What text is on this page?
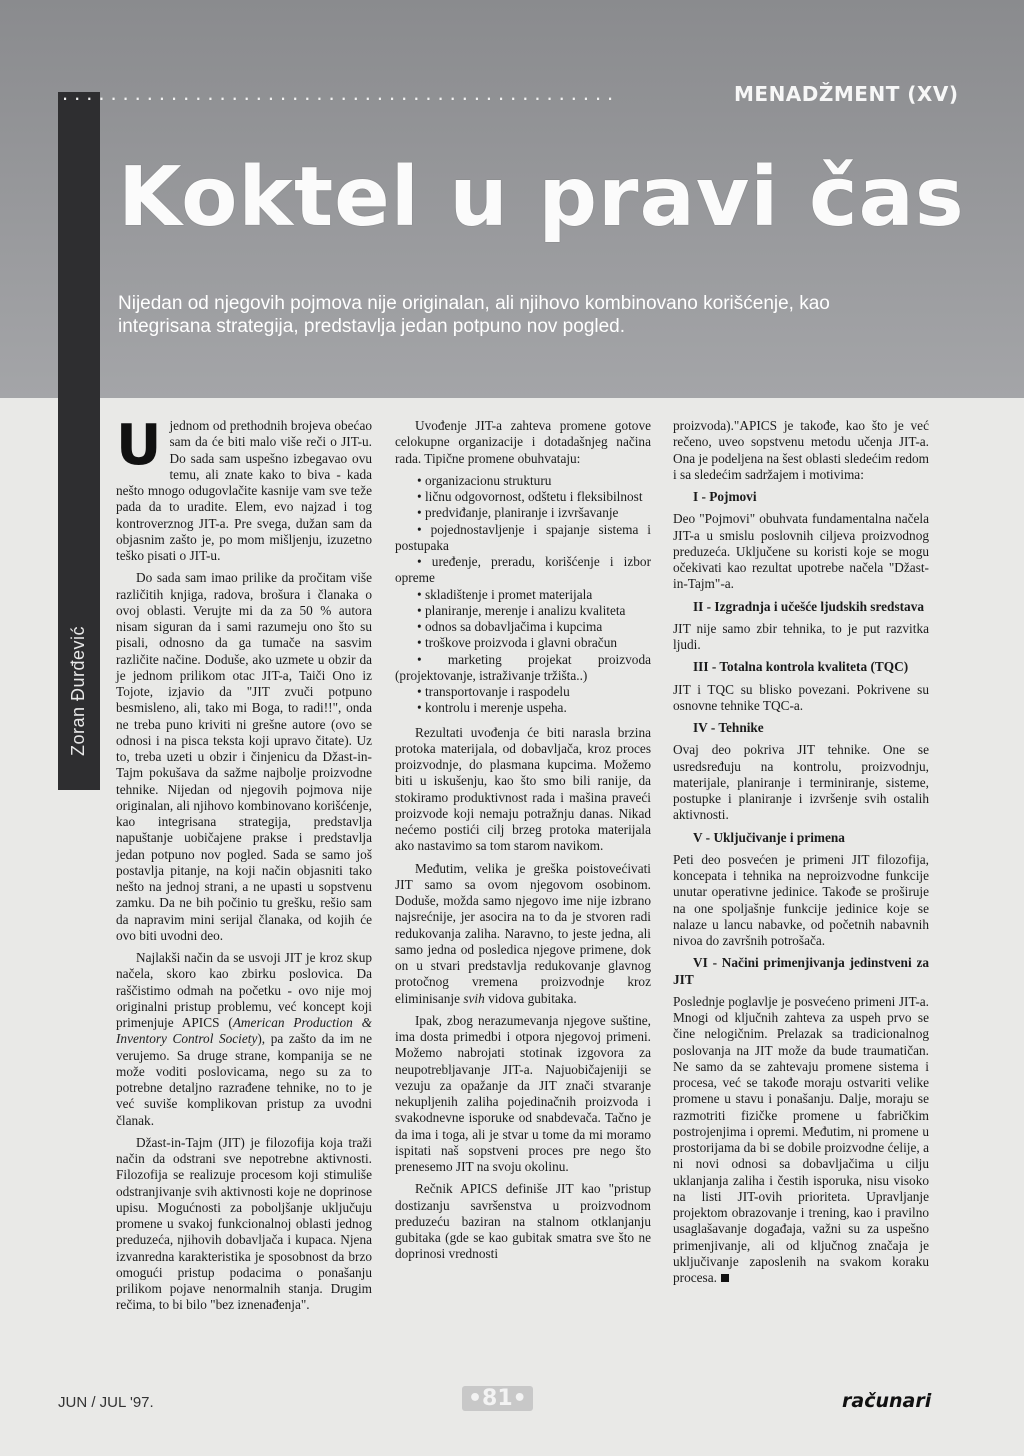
Zoran Đurđević
..............................................	MENADŽMENT (XV)
Koktel u pravi čas
Nijedan od njegovih pojmova nije originalan, ali njihovo kombinovano korišćenje, kao integrisana strategija, predstavlja jedan potpuno nov pogled.

Ujednom od prethodnih brojeva obećao sam da će biti malo više reči o JIT-u. Do sada sam uspešno izbegavao ovu temu, ali znate kako to biva - kada nešto mnogo odugovlačite kasnije vam sve teže pada da to uradite. Elem, evo najzad i tog kontroverznog JIT-a. Pre svega, dužan sam da objasnim zašto je, po mom mišljenju, izuzetno teško pisati o JIT-u.

Do sada sam imao prilike da pročitam više različitih knjiga, radova, brošura i članaka o ovoj oblasti. Verujte mi da za 50 % autora nisam siguran da i sami razumeju ono što su pisali, odnosno da ga tumače na sasvim različite načine. Doduše, ako uzmete u obzir da je jednom prilikom otac JIT-a, Taiči Ono iz Tojote, izjavio da "JIT zvuči potpuno besmisleno, ali, tako mi Boga, to radi!!", onda ne treba puno kriviti ni grešne autore (ovo se odnosi i na pisca teksta koji upravo čitate). Uz to, treba uzeti u obzir i činjenicu da Džast-in-Tajm pokušava da sažme najbolje proizvodne tehnike. Nijedan od njegovih pojmova nije originalan, ali njihovo kombinovano korišćenje, kao integrisana strategija, predstavlja napuštanje uobičajene prakse i predstavlja jedan potpuno nov pogled. Sada se samo još postavlja pitanje, na koji način objasniti tako nešto na jednoj strani, a ne upasti u sopstvenu zamku. Da ne bih počinio tu grešku, rešio sam da napravim mini serijal članaka, od kojih će ovo biti uvodni deo.

Najlakši način da se usvoji JIT je kroz skup načela, skoro kao zbirku poslovica. Da raščistimo odmah na početku - ovo nije moj originalni pristup problemu, već koncept koji primenjuje APICS (American Production & Inventory Control Society), pa zašto da im ne verujemo. Sa druge strane, kompanija se ne može voditi poslovicama, nego su za to potrebne detaljno razrađene tehnike, no to je već suviše komplikovan pristup za uvodni članak.

Džast-in-Tajm (JIT) je filozofija koja traži način da odstrani sve nepotrebne aktivnosti. Filozofija se realizuje procesom koji stimuliše odstranjivanje svih aktivnosti koje ne doprinose upisu. Mogućnosti za poboljšanje uključuju promene u svakoj funkcionalnoj oblasti jednog preduzeća, njihovih dobavljača i kupaca. Njena izvanredna karakteristika je sposobnost da brzo omogući pristup podacima o ponašanju prilikom pojave nenormalnih stanja. Drugim rečima, to bi bilo "bez iznenađenja".

Uvođenje JIT-a zahteva promene gotove celokupne organizacije i dotadašnjeg načina rada. Tipične promene obuhvataju:

• organizacionu strukturu
• ličnu odgovornost, odštetu i fleksibilnost
• predviđanje, planiranje i izvršavanje
• pojednostavljenje i spajanje sistema i postupaka
• uređenje, preradu, korišćenje i izbor opreme
• skladištenje i promet materijala
• planiranje, merenje i analizu kvaliteta
• odnos sa dobavljačima i kupcima
• troškove proizvoda i glavni obračun
• marketing projekat proizvoda (projektovanje, istraživanje tržišta..)
• transportovanje i raspodelu
• kontrolu i merenje uspeha.

Rezultati uvođenja će biti narasla brzina protoka materijala, od dobavljača, kroz proces proizvodnje, do plasmana kupcima. Možemo biti u iskušenju, kao što smo bili ranije, da stokiramo produktivnost rada i mašina praveći proizvode koji nemaju potražnju danas. Nikad nećemo postići cilj brzeg protoka materijala ako nastavimo sa tom starom navikom.

Međutim, velika je greška poistovećivati JIT samo sa ovom njegovom osobinom. Doduše, možda samo njegovo ime nije izbrano najsrećnije, jer asocira na to da je stvoren radi redukovanja zaliha. Naravno, to jeste jedna, ali samo jedna od posledica njegove primene, dok on u stvari predstavlja redukovanje glavnog protočnog vremena proizvodnje kroz eliminisanje svih vidova gubitaka.

Ipak, zbog nerazumevanja njegove suštine, ima dosta primedbi i otpora njegovoj primeni. Možemo nabrojati stotinak izgovora za neupotrebljavanje JIT-a. Najuobičajeniji se vezuju za opažanje da JIT znači stvaranje nekupljenih zaliha pojedinačnih proizvoda i svakodnevne isporuke od snabdevača. Tačno je da ima i toga, ali je stvar u tome da mi moramo ispitati naš sopstveni proces pre nego što prenesemo JIT na svoju okolinu.

Rečnik APICS definiše JIT kao "pristup dostizanju savršenstva u proizvodnom preduzeću baziran na stalnom otklanjanju gubitaka (gde se kao gubitak smatra sve što ne doprinosi vrednosti

proizvoda)."APICS je takođe, kao što je već rečeno, uveo sopstvenu metodu učenja JIT-a. Ona je podeljena na šest oblasti sledećim redom i sa sledećim sadržajem i motivima:

I - Pojmovi

Deo "Pojmovi" obuhvata fundamentalna načela JIT-a u smislu poslovnih ciljeva proizvodnog preduzeća. Uključene su koristi koje se mogu očekivati kao rezultat upotrebe načela "Džast-in-Tajm"-a.

II - Izgradnja i učešće ljudskih sredstava

JIT nije samo zbir tehnika, to je put razvitka ljudi.

III - Totalna kontrola kvaliteta (TQC)

JIT i TQC su blisko povezani. Pokrivene su osnovne tehnike TQC-a.

IV - Tehnike

Ovaj deo pokriva JIT tehnike. One se usredsređuju na kontrolu, proizvodnju, materijale, planiranje i terminiranje, sisteme, postupke i planiranje i izvršenje svih ostalih aktivnosti.

V - Uključivanje i primena

Peti deo posvećen je primeni JIT filozofija, koncepata i tehnika na neproizvodne funkcije unutar operativne jedinice. Takođe se proširuje na one spoljašnje funkcije jedinice koje se nalaze u lancu nabavke, od početnih nabavnih nivoa do završnih potrošača.

VI - Načini primenjivanja jedinstveni za JIT

Poslednje poglavlje je posvećeno primeni JIT-a. Mnogi od ključnih zahteva za uspeh prvo se čine nelogičnim. Prelazak sa tradicionalnog poslovanja na JIT može da bude traumatičan. Ne samo da se zahtevaju promene sistema i procesa, već se takođe moraju ostvariti velike promene u stavu i ponašanju. Dalje, moraju se razmotriti fizičke promene u fabričkim postrojenjima i opremi. Međutim, ni promene u prostorijama da bi se dobile proizvodne ćelije, a ni novi odnosi sa dobavljačima u cilju uklanjanja zaliha i čestih isporuka, nisu visoko na listi JIT-ovih prioriteta. Upravljanje projektom obrazovanje i trening, kao i pravilno usaglašavanje događaja, važni su za uspešno primenjivanje, ali od ključnog značaja je uključivanje zaposlenih na svakom koraku procesa.

JUN / JUL '97.	•81•	računari
